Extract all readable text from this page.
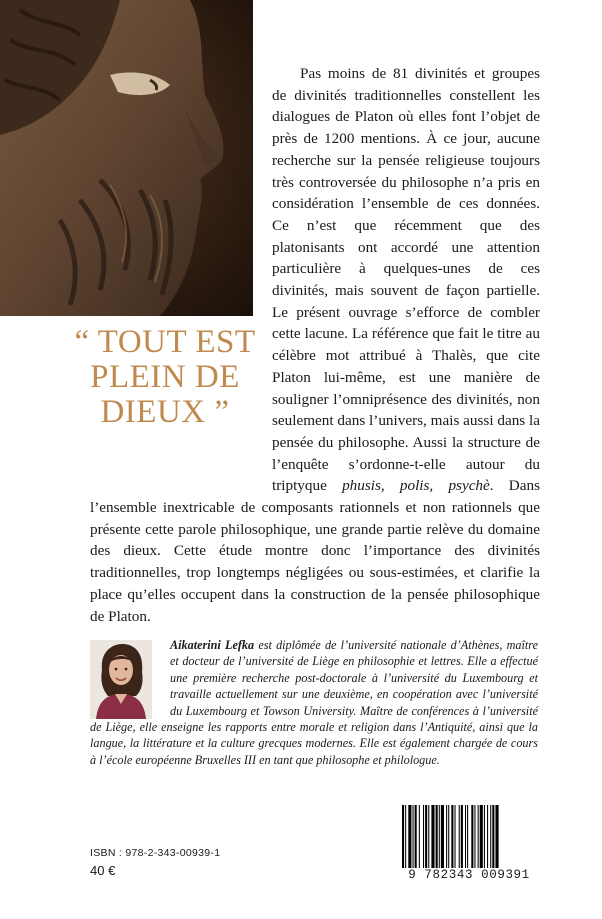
“ TOUT EST
PLEIN DE
DIEUX ”

Pas moins de 81 divinités et groupes de divinités traditionnelles constellent les dialogues de Platon où elles font l’objet de près de 1200 mentions. À ce jour, aucune recherche sur la pensée religieuse toujours très controversée du philosophe n’a pris en considération l’ensemble de ces données. Ce n’est que récemment que des platonisants ont accordé une attention particulière à quelques-unes de ces divinités, mais souvent de façon partielle. Le présent ouvrage s’efforce de combler cette lacune. La référence que fait le titre au célèbre mot attribué à Thalès, que cite Platon lui-même, est une manière de souligner l’omniprésence des divinités, non seulement dans l’univers, mais aussi dans la pensée du philosophe. Aussi la structure de l’enquête s’ordonne-t-elle autour du triptyque phusis, polis, psychè. Dans l’ensemble inextricable de composants rationnels et non rationnels que présente cette parole philosophique, une grande partie relève du domaine des dieux. Cette étude montre donc l’importance des divinités traditionnelles, trop longtemps négligées ou sous-estimées, et clarifie la place qu’elles occupent dans la construction de la pensée philosophique de Platon.

Aikaterini Lefka est diplômée de l’université nationale d’Athènes, maître et docteur de l’université de Liège en philosophie et lettres. Elle a effectué une première recherche post-doctorale à l’université du Luxembourg et travaille actuellement sur une deuxième, en coopération avec l’université du Luxembourg et Towson University. Maître de conférences à l’université de Liège, elle enseigne les rapports entre morale et religion dans l’Antiquité, ainsi que la langue, la littérature et la culture grecques modernes. Elle est également chargée de cours à l’école européenne Bruxelles III en tant que philosophe et philologue.

ISBN : 978-2-343-00939-1
40 €	9 782343 009391
